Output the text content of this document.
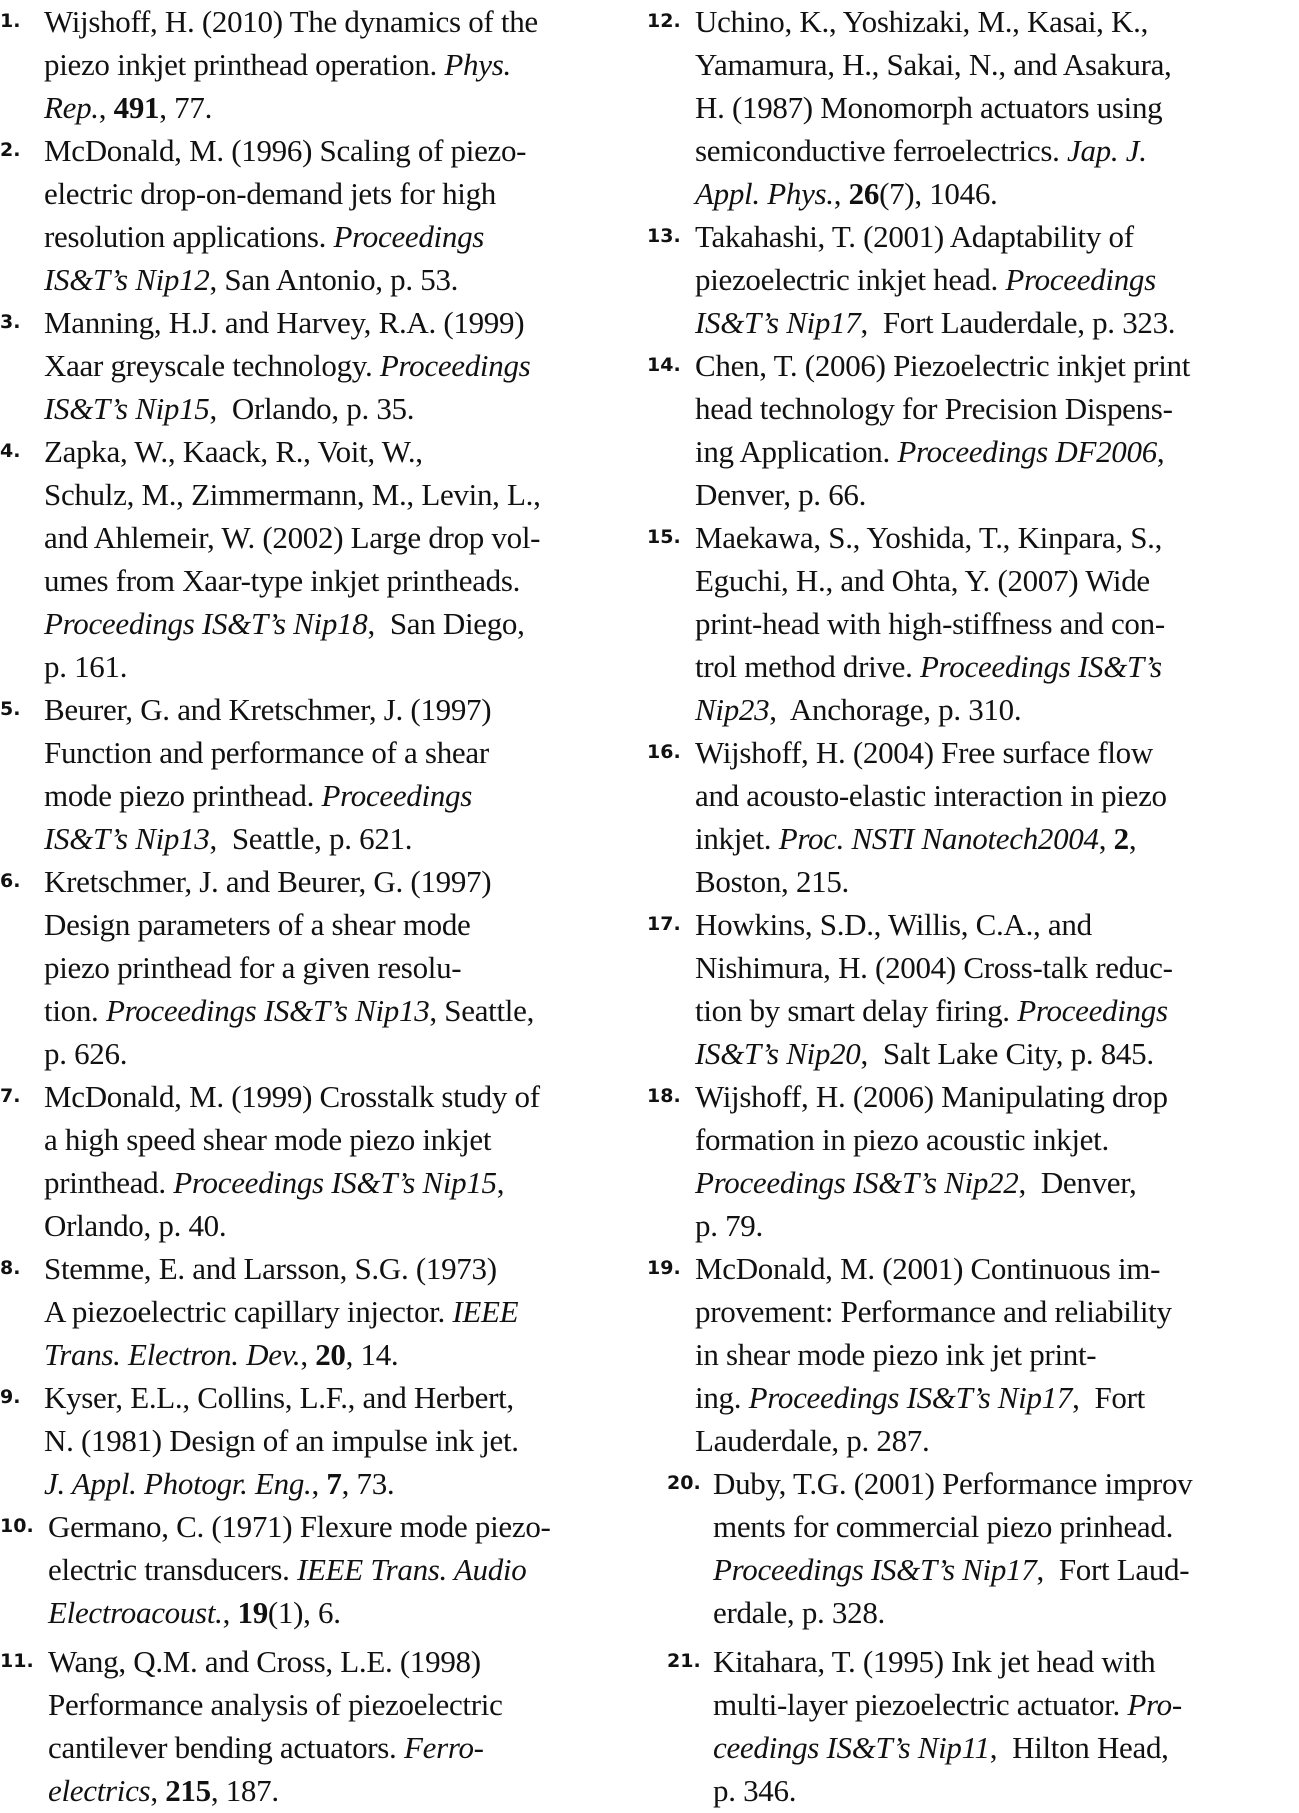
1. Wijshoff, H. (2010) The dynamics of the
piezo inkjet printhead operation. Phys.
Rep., 491, 77.
2. McDonald, M. (1996) Scaling of piezo-
electric drop-on-demand jets for high
resolution applications. Proceedings
IS&T’s Nip12, San Antonio, p. 53.
3. Manning, H.J. and Harvey, R.A. (1999)
Xaar greyscale technology. Proceedings
IS&T’s Nip15,  Orlando, p. 35.
4. Zapka, W., Kaack, R., Voit, W.,
Schulz, M., Zimmermann, M., Levin, L.,
and Ahlemeir, W. (2002) Large drop vol-
umes from Xaar-type inkjet printheads.
Proceedings IS&T’s Nip18,  San Diego,
p. 161.
5. Beurer, G. and Kretschmer, J. (1997)
Function and performance of a shear
mode piezo printhead. Proceedings
IS&T’s Nip13,  Seattle, p. 621.
6. Kretschmer, J. and Beurer, G. (1997)
Design parameters of a shear mode
piezo printhead for a given resolu-
tion. Proceedings IS&T’s Nip13, Seattle,
p. 626.
7. McDonald, M. (1999) Crosstalk study of
a high speed shear mode piezo inkjet
printhead. Proceedings IS&T’s Nip15,
Orlando, p. 40.
8. Stemme, E. and Larsson, S.G. (1973)
A piezoelectric capillary injector. IEEE
Trans. Electron. Dev., 20, 14.
9. Kyser, E.L., Collins, L.F., and Herbert,
N. (1981) Design of an impulse ink jet.
J. Appl. Photogr. Eng., 7, 73.
10. Germano, C. (1971) Flexure mode piezo-
electric transducers. IEEE Trans. Audio
Electroacoust., 19(1), 6.
11. Wang, Q.M. and Cross, L.E. (1998)
Performance analysis of piezoelectric
cantilever bending actuators. Ferro-
electrics, 215, 187.
12. Uchino, K., Yoshizaki, M., Kasai, K.,
Yamamura, H., Sakai, N., and Asakura,
H. (1987) Monomorph actuators using
semiconductive ferroelectrics. Jap. J.
Appl. Phys., 26(7), 1046.
13. Takahashi, T. (2001) Adaptability of
piezoelectric inkjet head. Proceedings
IS&T’s Nip17,  Fort Lauderdale, p. 323.
14. Chen, T. (2006) Piezoelectric inkjet print
head technology for Precision Dispens-
ing Application. Proceedings DF2006,
Denver, p. 66.
15. Maekawa, S., Yoshida, T., Kinpara, S.,
Eguchi, H., and Ohta, Y. (2007) Wide
print-head with high-stiffness and con-
trol method drive. Proceedings IS&T’s
Nip23,  Anchorage, p. 310.
16. Wijshoff, H. (2004) Free surface flow
and acousto-elastic interaction in piezo
inkjet. Proc. NSTI Nanotech2004, 2,
Boston, 215.
17. Howkins, S.D., Willis, C.A., and
Nishimura, H. (2004) Cross-talk reduc-
tion by smart delay firing. Proceedings
IS&T’s Nip20,  Salt Lake City, p. 845.
18. Wijshoff, H. (2006) Manipulating drop
formation in piezo acoustic inkjet.
Proceedings IS&T’s Nip22,  Denver,
p. 79.
19. McDonald, M. (2001) Continuous im-
provement: Performance and reliability
in shear mode piezo ink jet print-
ing. Proceedings IS&T’s Nip17,  Fort
Lauderdale, p. 287.
20. Duby, T.G. (2001) Performance improv
ments for commercial piezo prinhead.
Proceedings IS&T’s Nip17,  Fort Laud-
erdale, p. 328.
21. Kitahara, T. (1995) Ink jet head with
multi-layer piezoelectric actuator. Pro-
ceedings IS&T’s Nip11,  Hilton Head,
p. 346.
